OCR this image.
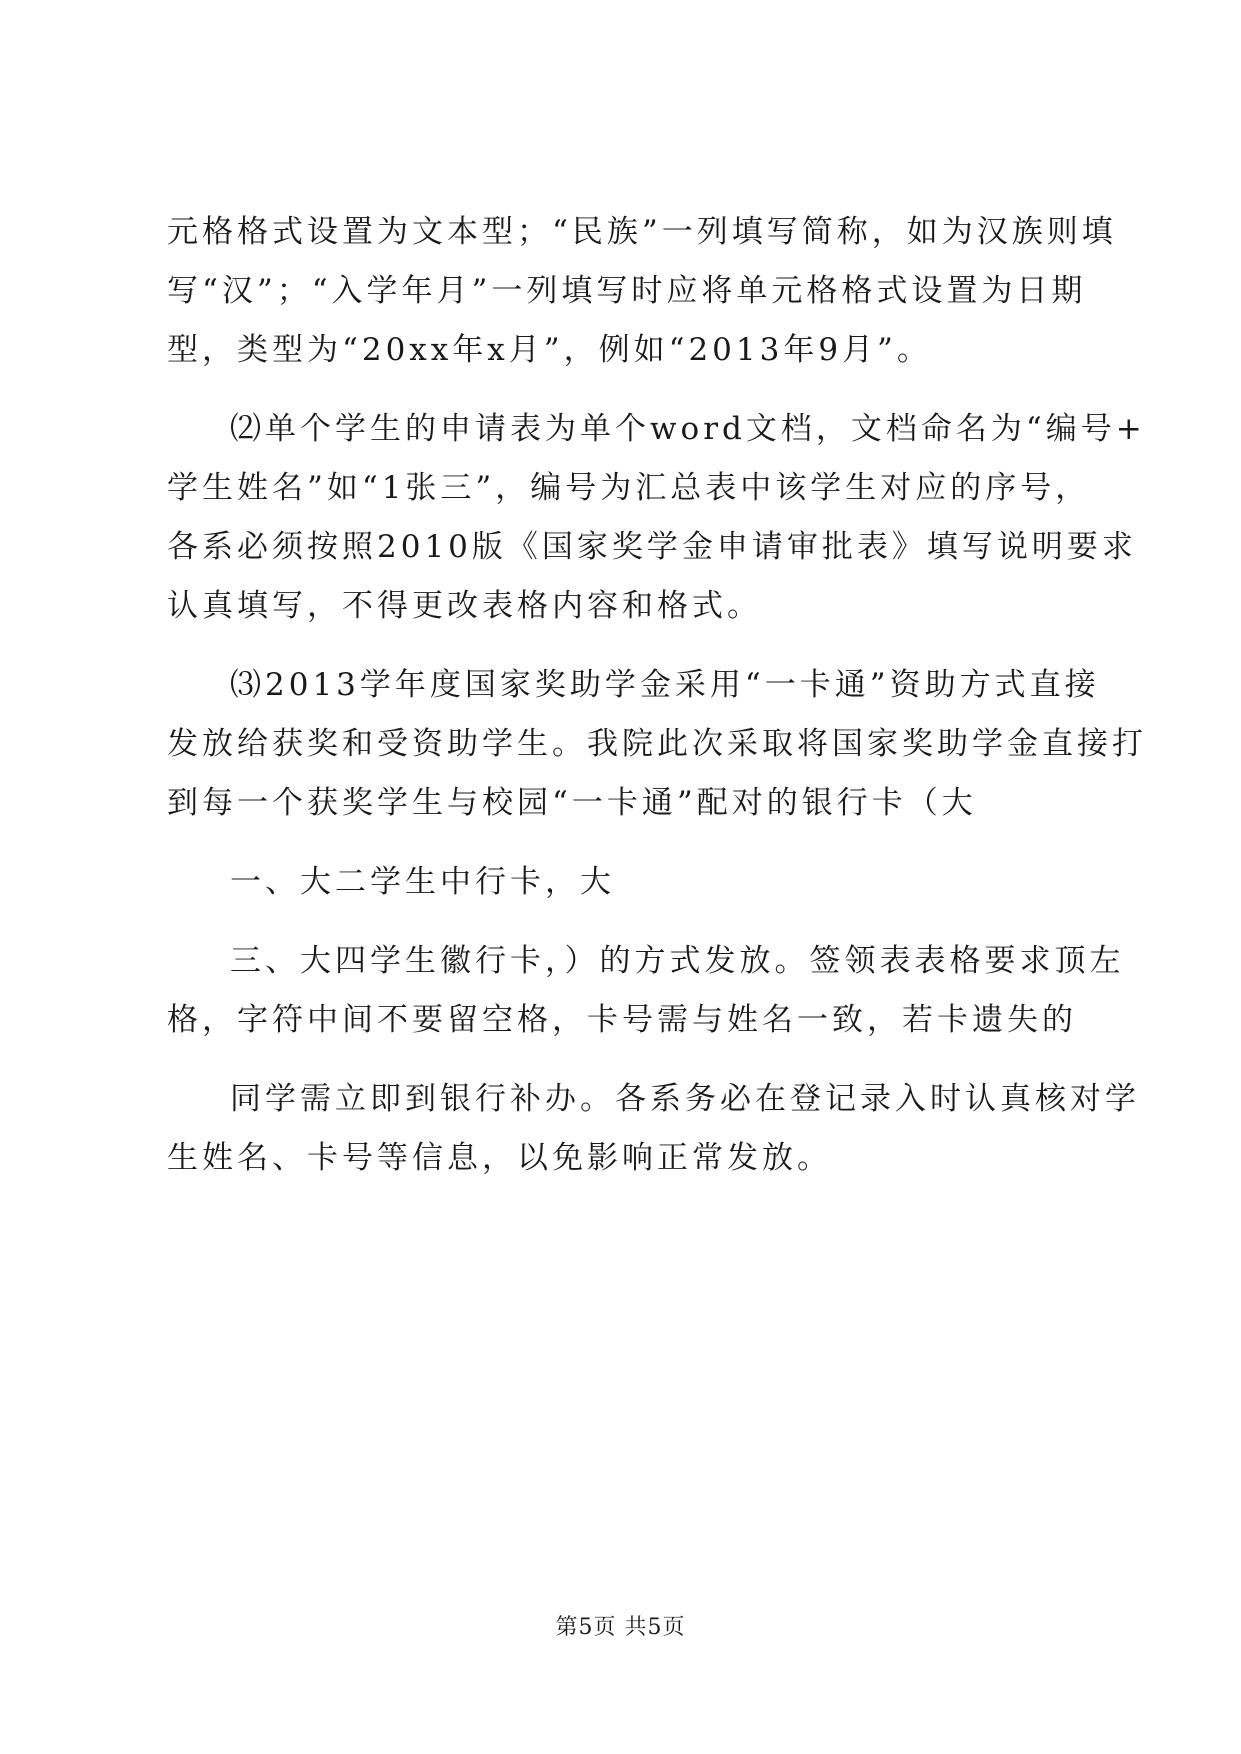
元格格式设置为文本型；“民族”一列填写简称，如为汉族则填
写“汉”；“入学年月”一列填写时应将单元格格式设置为日期
型，类型为“20xx年x月”，例如“2013年9月”。
⑵单个学生的申请表为单个word文档，文档命名为“编号+
学生姓名”如“1张三”，编号为汇总表中该学生对应的序号，
各系必须按照2010版《国家奖学金申请审批表》填写说明要求
认真填写，不得更改表格内容和格式。
⑶2013学年度国家奖助学金采用“一卡通”资助方式直接
发放给获奖和受资助学生。我院此次采取将国家奖助学金直接打
到每一个获奖学生与校园“一卡通”配对的银行卡（大
一、大二学生中行卡，大
三、大四学生徽行卡，）的方式发放。签领表表格要求顶左
格，字符中间不要留空格，卡号需与姓名一致，若卡遗失的
同学需立即到银行补办。各系务必在登记录入时认真核对学
生姓名、卡号等信息，以免影响正常发放。
第5页 共5页
